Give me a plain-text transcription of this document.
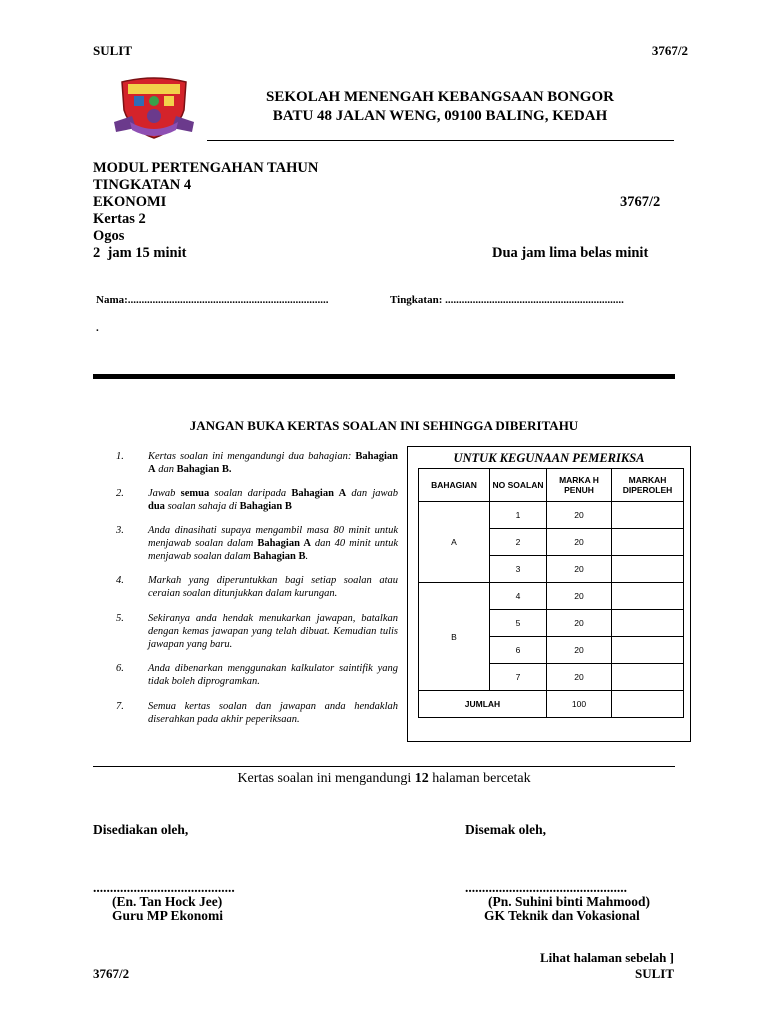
SULIT	3767/2
SEKOLAH MENENGAH KEBANGSAAN BONGOR
BATU 48 JALAN WENG, 09100 BALING, KEDAH
MODUL PERTENGAHAN TAHUN
TINGKATAN 4
EKONOMI	3767/2
Kertas 2
Ogos
2  jam 15 minit	Dua jam lima belas minit
Nama:.........................................................................	Tingkatan: .................................................................
.
JANGAN BUKA KERTAS SOALAN INI SEHINGGA DIBERITAHU
1.	Kertas soalan ini mengandungi dua bahagian: Bahagian A dan Bahagian B.
2.	Jawab semua soalan daripada Bahagian A dan jawab dua soalan sahaja di Bahagian B
3.	Anda dinasihati supaya mengambil masa 80 minit untuk menjawab soalan dalam Bahagian A dan 40 minit untuk menjawab soalan dalam Bahagian B.
4.	Markah yang diperuntukkan bagi setiap soalan atau ceraian soalan ditunjukkan dalam kurungan.
5.	Sekiranya anda hendak menukarkan jawapan, batalkan dengan kemas jawapan yang telah dibuat. Kemudian tulis jawapan yang baru.
6.	Anda dibenarkan menggunakan kalkulator saintifik yang tidak boleh diprogramkan.
7.	Semua kertas soalan dan jawapan anda hendaklah diserahkan pada akhir peperiksaan.
UNTUK KEGUNAAN PEMERIKSA
BAHAGIAN	NO SOALAN	MARKA H PENUH	MARKAH DIPEROLEH
A	1	20	
	2	20	
	3	20	
B	4	20	
	5	20	
	6	20	
	7	20	
JUMLAH		100	
Kertas soalan ini mengandungi 12 halaman bercetak
Disediakan oleh,	Disemak oleh,
..........................................	................................................
(En. Tan Hock Jee)
Guru MP Ekonomi
(Pn. Suhini binti Mahmood)
GK Teknik dan Vokasional
Lihat halaman sebelah ]
3767/2	SULIT
